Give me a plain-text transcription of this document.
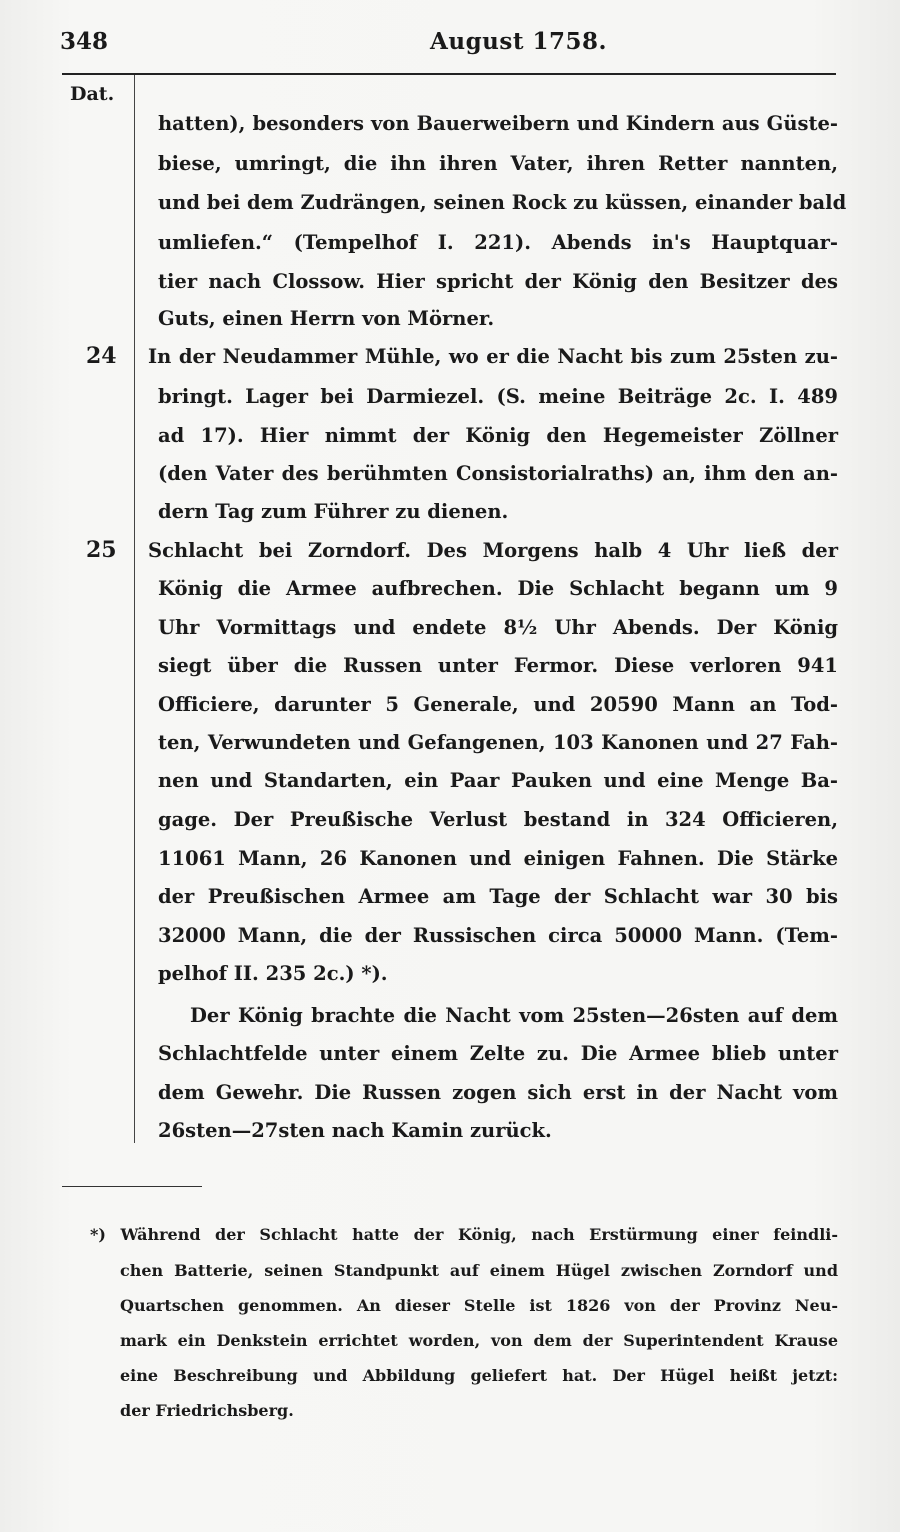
348	August 1758.
Dat.
hatten), besonders von Bauerweibern und Kindern aus Güste-
biese, umringt, die ihn ihren Vater, ihren Retter nannten,
und bei dem Zudrängen, seinen Rock zu küssen, einander bald
umliefen.“ (Tempelhof I. 221). Abends in's Hauptquar-
tier nach Clossow. Hier spricht der König den Besitzer des
Guts, einen Herrn von Mörner.
24 In der Neudammer Mühle, wo er die Nacht bis zum 25sten zu-
bringt. Lager bei Darmiezel. (S. meine Beiträge 2c. I. 489
ad 17). Hier nimmt der König den Hegemeister Zöllner
(den Vater des berühmten Consistorialraths) an, ihm den an-
dern Tag zum Führer zu dienen.
25 Schlacht bei Zorndorf. Des Morgens halb 4 Uhr ließ der
König die Armee aufbrechen. Die Schlacht begann um 9
Uhr Vormittags und endete 8½ Uhr Abends. Der König
siegt über die Russen unter Fermor. Diese verloren 941
Officiere, darunter 5 Generale, und 20590 Mann an Tod-
ten, Verwundeten und Gefangenen, 103 Kanonen und 27 Fah-
nen und Standarten, ein Paar Pauken und eine Menge Ba-
gage. Der Preußische Verlust bestand in 324 Officieren,
11061 Mann, 26 Kanonen und einigen Fahnen. Die Stärke
der Preußischen Armee am Tage der Schlacht war 30 bis
32000 Mann, die der Russischen circa 50000 Mann. (Tem-
pelhof II. 235 2c.) *).
Der König brachte die Nacht vom 25sten—26sten auf dem
Schlachtfelde unter einem Zelte zu. Die Armee blieb unter
dem Gewehr. Die Russen zogen sich erst in der Nacht vom
26sten—27sten nach Kamin zurück.
*) Während der Schlacht hatte der König, nach Erstürmung einer feindli-
chen Batterie, seinen Standpunkt auf einem Hügel zwischen Zorndorf und
Quartschen genommen. An dieser Stelle ist 1826 von der Provinz Neu-
mark ein Denkstein errichtet worden, von dem der Superintendent Krause
eine Beschreibung und Abbildung geliefert hat. Der Hügel heißt jetzt:
der Friedrichsberg.
